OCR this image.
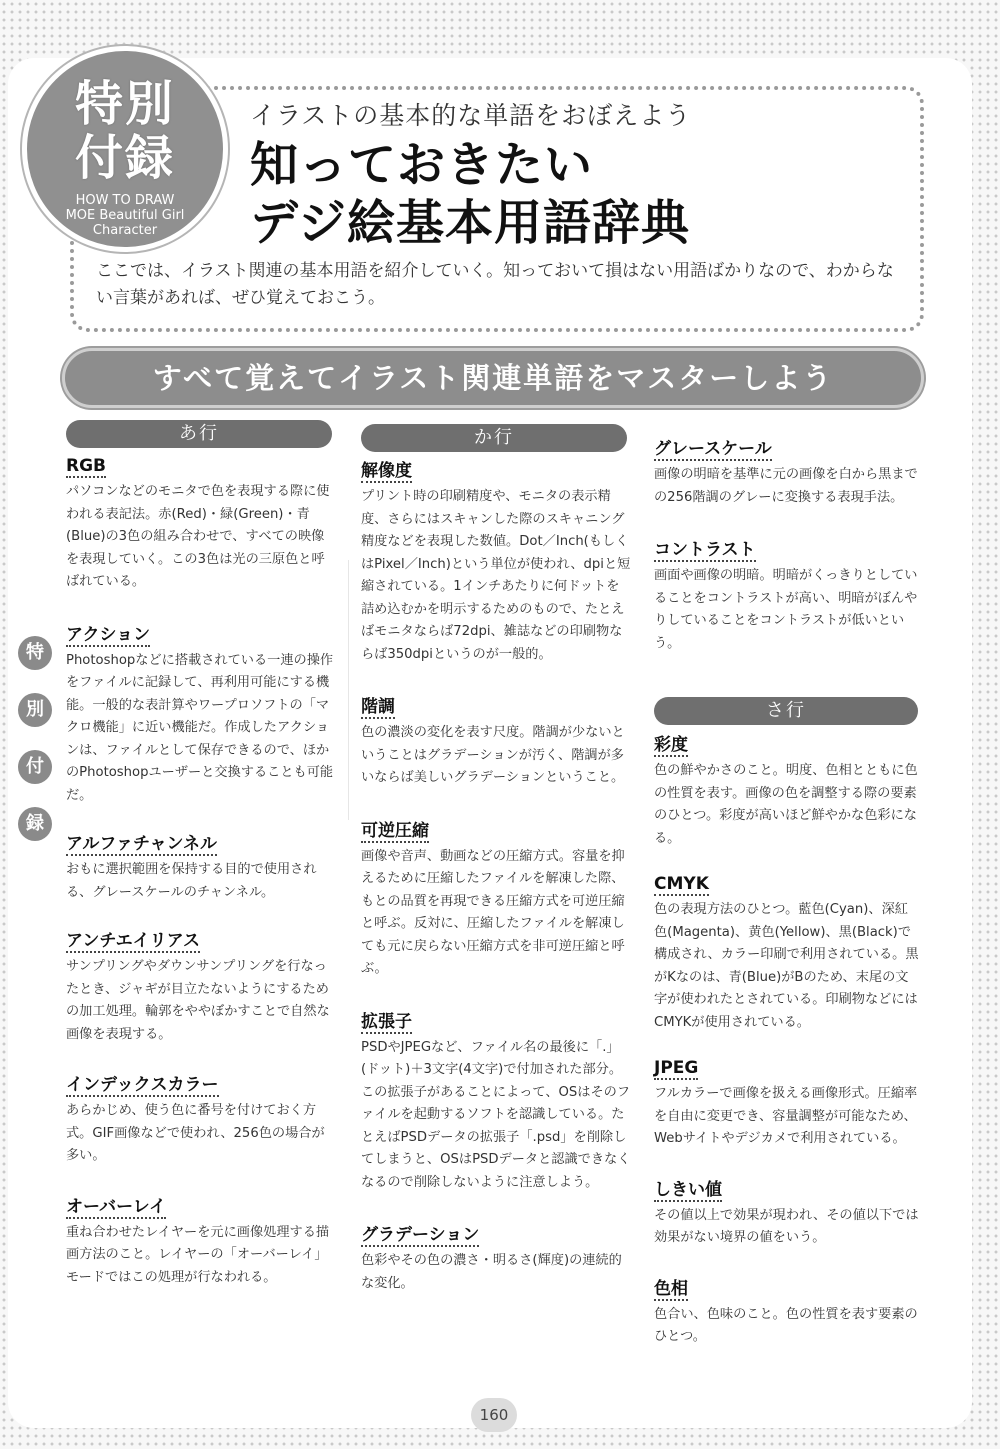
特別
付録
HOW TO DRAW
MOE Beautiful Girl
Character
イラストの基本的な単語をおぼえよう
知っておきたい
デジ絵基本用語辞典
ここでは、イラスト関連の基本用語を紹介していく。知っておいて損はない用語ばかりなので、わからない言葉があれば、ぜひ覚えておこう。
すべて覚えてイラスト関連単語をマスターしよう
あ行	か行
さ行
特
別
付
録
RGB
パソコンなどのモニタで色を表現する際に使われる表記法。赤(Red)・緑(Green)・青(Blue)の3色の組み合わせで、すべての映像を表現していく。この3色は光の三原色と呼ばれている。
アクション
Photoshopなどに搭載されている一連の操作をファイルに記録して、再利用可能にする機能。一般的な表計算やワープロソフトの「マクロ機能」に近い機能だ。作成したアクションは、ファイルとして保存できるので、ほかのPhotoshopユーザーと交換することも可能だ。
アルファチャンネル
おもに選択範囲を保持する目的で使用される、グレースケールのチャンネル。
アンチエイリアス
サンプリングやダウンサンプリングを行なったとき、ジャギが目立たないようにするための加工処理。輪郭をややぼかすことで自然な画像を表現する。
インデックスカラー
あらかじめ、使う色に番号を付けておく方式。GIF画像などで使われ、256色の場合が多い。
オーバーレイ
重ね合わせたレイヤーを元に画像処理する描画方法のこと。レイヤーの「オーバーレイ」モードではこの処理が行なわれる。
解像度
プリント時の印刷精度や、モニタの表示精度、さらにはスキャンした際のスキャニング精度などを表現した数値。Dot／Inch(もしくはPixel／Inch)という単位が使われ、dpiと短縮されている。1インチあたりに何ドットを詰め込むかを明示するためのもので、たとえばモニタならば72dpi、雑誌などの印刷物ならば350dpiというのが一般的。
階調
色の濃淡の変化を表す尺度。階調が少ないということはグラデーションが汚く、階調が多いならば美しいグラデーションということ。
可逆圧縮
画像や音声、動画などの圧縮方式。容量を抑えるために圧縮したファイルを解凍した際、もとの品質を再現できる圧縮方式を可逆圧縮と呼ぶ。反対に、圧縮したファイルを解凍しても元に戻らない圧縮方式を非可逆圧縮と呼ぶ。
拡張子
PSDやJPEGなど、ファイル名の最後に「.」(ドット)＋3文字(4文字)で付加された部分。この拡張子があることによって、OSはそのファイルを起動するソフトを認識している。たとえばPSDデータの拡張子「.psd」を削除してしまうと、OSはPSDデータと認識できなくなるので削除しないように注意しよう。
グラデーション
色彩やその色の濃さ・明るさ(輝度)の連続的な変化。
グレースケール
画像の明暗を基準に元の画像を白から黒までの256階調のグレーに変換する表現手法。
コントラスト
画面や画像の明暗。明暗がくっきりとしていることをコントラストが高い、明暗がぼんやりしていることをコントラストが低いという。
彩度
色の鮮やかさのこと。明度、色相とともに色の性質を表す。画像の色を調整する際の要素のひとつ。彩度が高いほど鮮やかな色彩になる。
CMYK
色の表現方法のひとつ。藍色(Cyan)、深紅色(Magenta)、黄色(Yellow)、黒(Black)で構成され、カラー印刷で利用されている。黒がKなのは、青(Blue)がBのため、末尾の文字が使われたとされている。印刷物などにはCMYKが使用されている。
JPEG
フルカラーで画像を扱える画像形式。圧縮率を自由に変更でき、容量調整が可能なため、Webサイトやデジカメで利用されている。
しきい値
その値以上で効果が現われ、その値以下では効果がない境界の値をいう。
色相
色合い、色味のこと。色の性質を表す要素のひとつ。
160
